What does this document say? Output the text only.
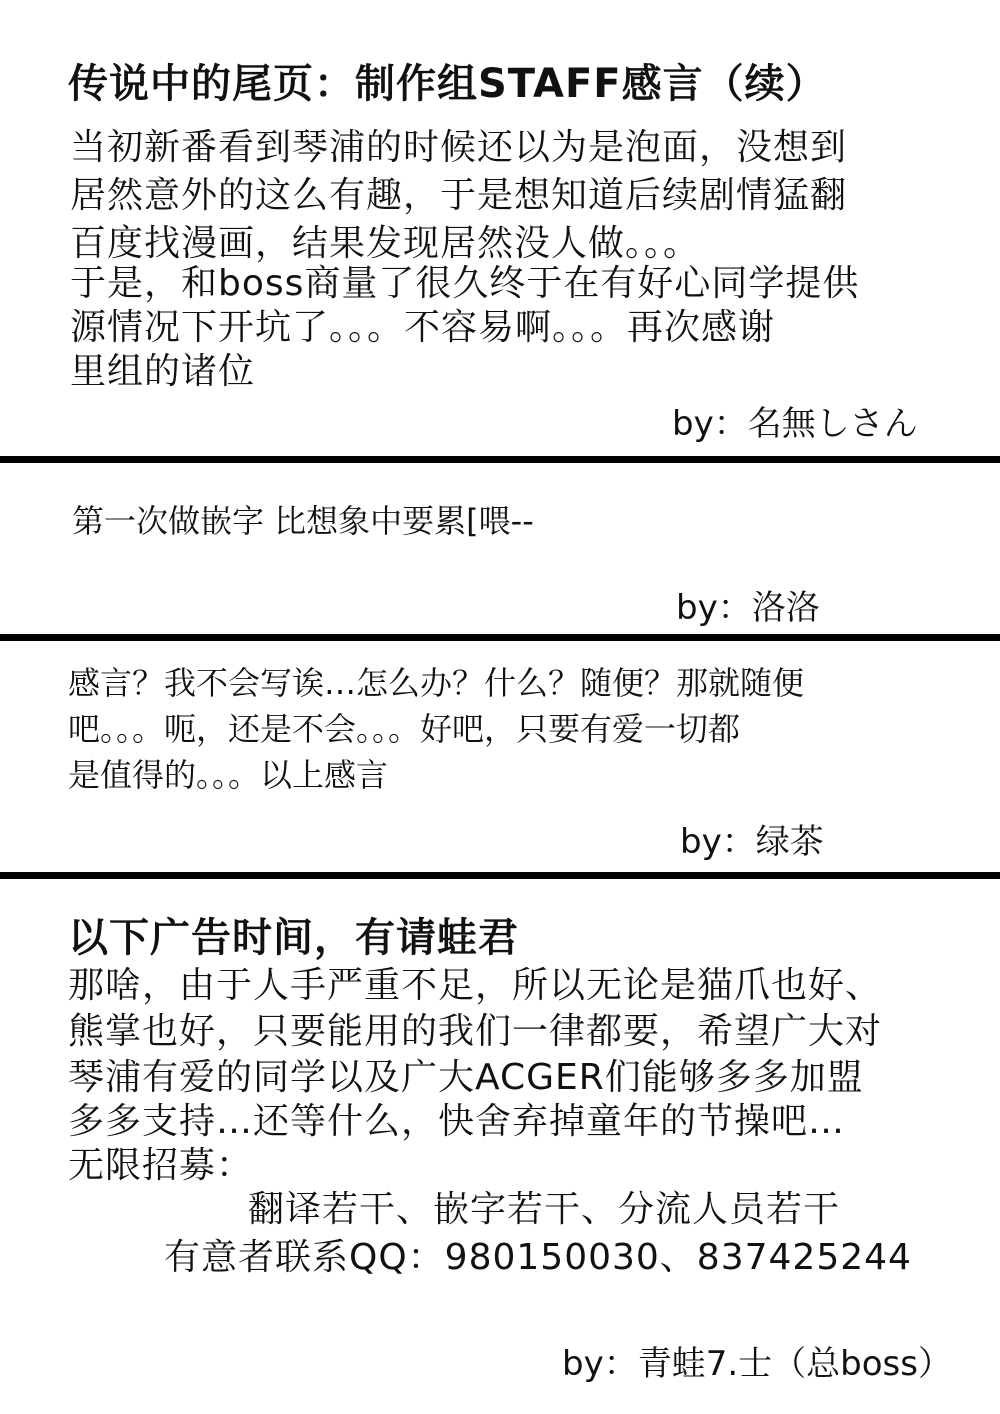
传说中的尾页：制作组STAFF感言（续）
当初新番看到琴浦的时候还以为是泡面，没想到
居然意外的这么有趣，于是想知道后续剧情猛翻
百度找漫画，结果发现居然没人做。。。
于是，和boss商量了很久终于在有好心同学提供
源情况下开坑了。。。不容易啊。。。再次感谢
里组的诸位
by：名無しさん
第一次做嵌字 比想象中要累[喂--
by：洛洛
感言？我不会写诶…怎么办？什么？随便？那就随便
吧。。。呃，还是不会。。。好吧，只要有爱一切都
是值得的。。。以上感言
by：绿茶
以下广告时间，有请蛙君
那啥，由于人手严重不足，所以无论是猫爪也好、
熊掌也好，只要能用的我们一律都要，希望广大对
琴浦有爱的同学以及广大ACGER们能够多多加盟
多多支持…还等什么，快舍弃掉童年的节操吧…
无限招募：
翻译若干、嵌字若干、分流人员若干
有意者联系QQ：980150030、837425244
by：青蛙7.士（总boss）
